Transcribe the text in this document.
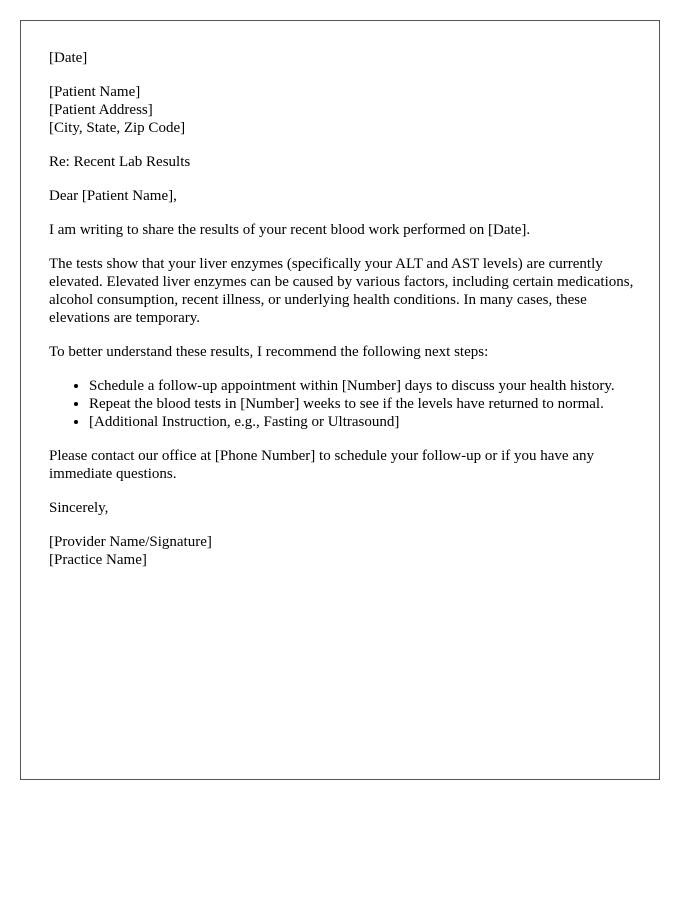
[Date]

[Patient Name]
[Patient Address]
[City, State, Zip Code]

Re: Recent Lab Results

Dear [Patient Name],

I am writing to share the results of your recent blood work performed on [Date].

The tests show that your liver enzymes (specifically your ALT and AST levels) are currently elevated. Elevated liver enzymes can be caused by various factors, including certain medications, alcohol consumption, recent illness, or underlying health conditions. In many cases, these elevations are temporary.

To better understand these results, I recommend the following next steps:

• Schedule a follow-up appointment within [Number] days to discuss your health history.
• Repeat the blood tests in [Number] weeks to see if the levels have returned to normal.
• [Additional Instruction, e.g., Fasting or Ultrasound]

Please contact our office at [Phone Number] to schedule your follow-up or if you have any immediate questions.

Sincerely,

[Provider Name/Signature]
[Practice Name]
